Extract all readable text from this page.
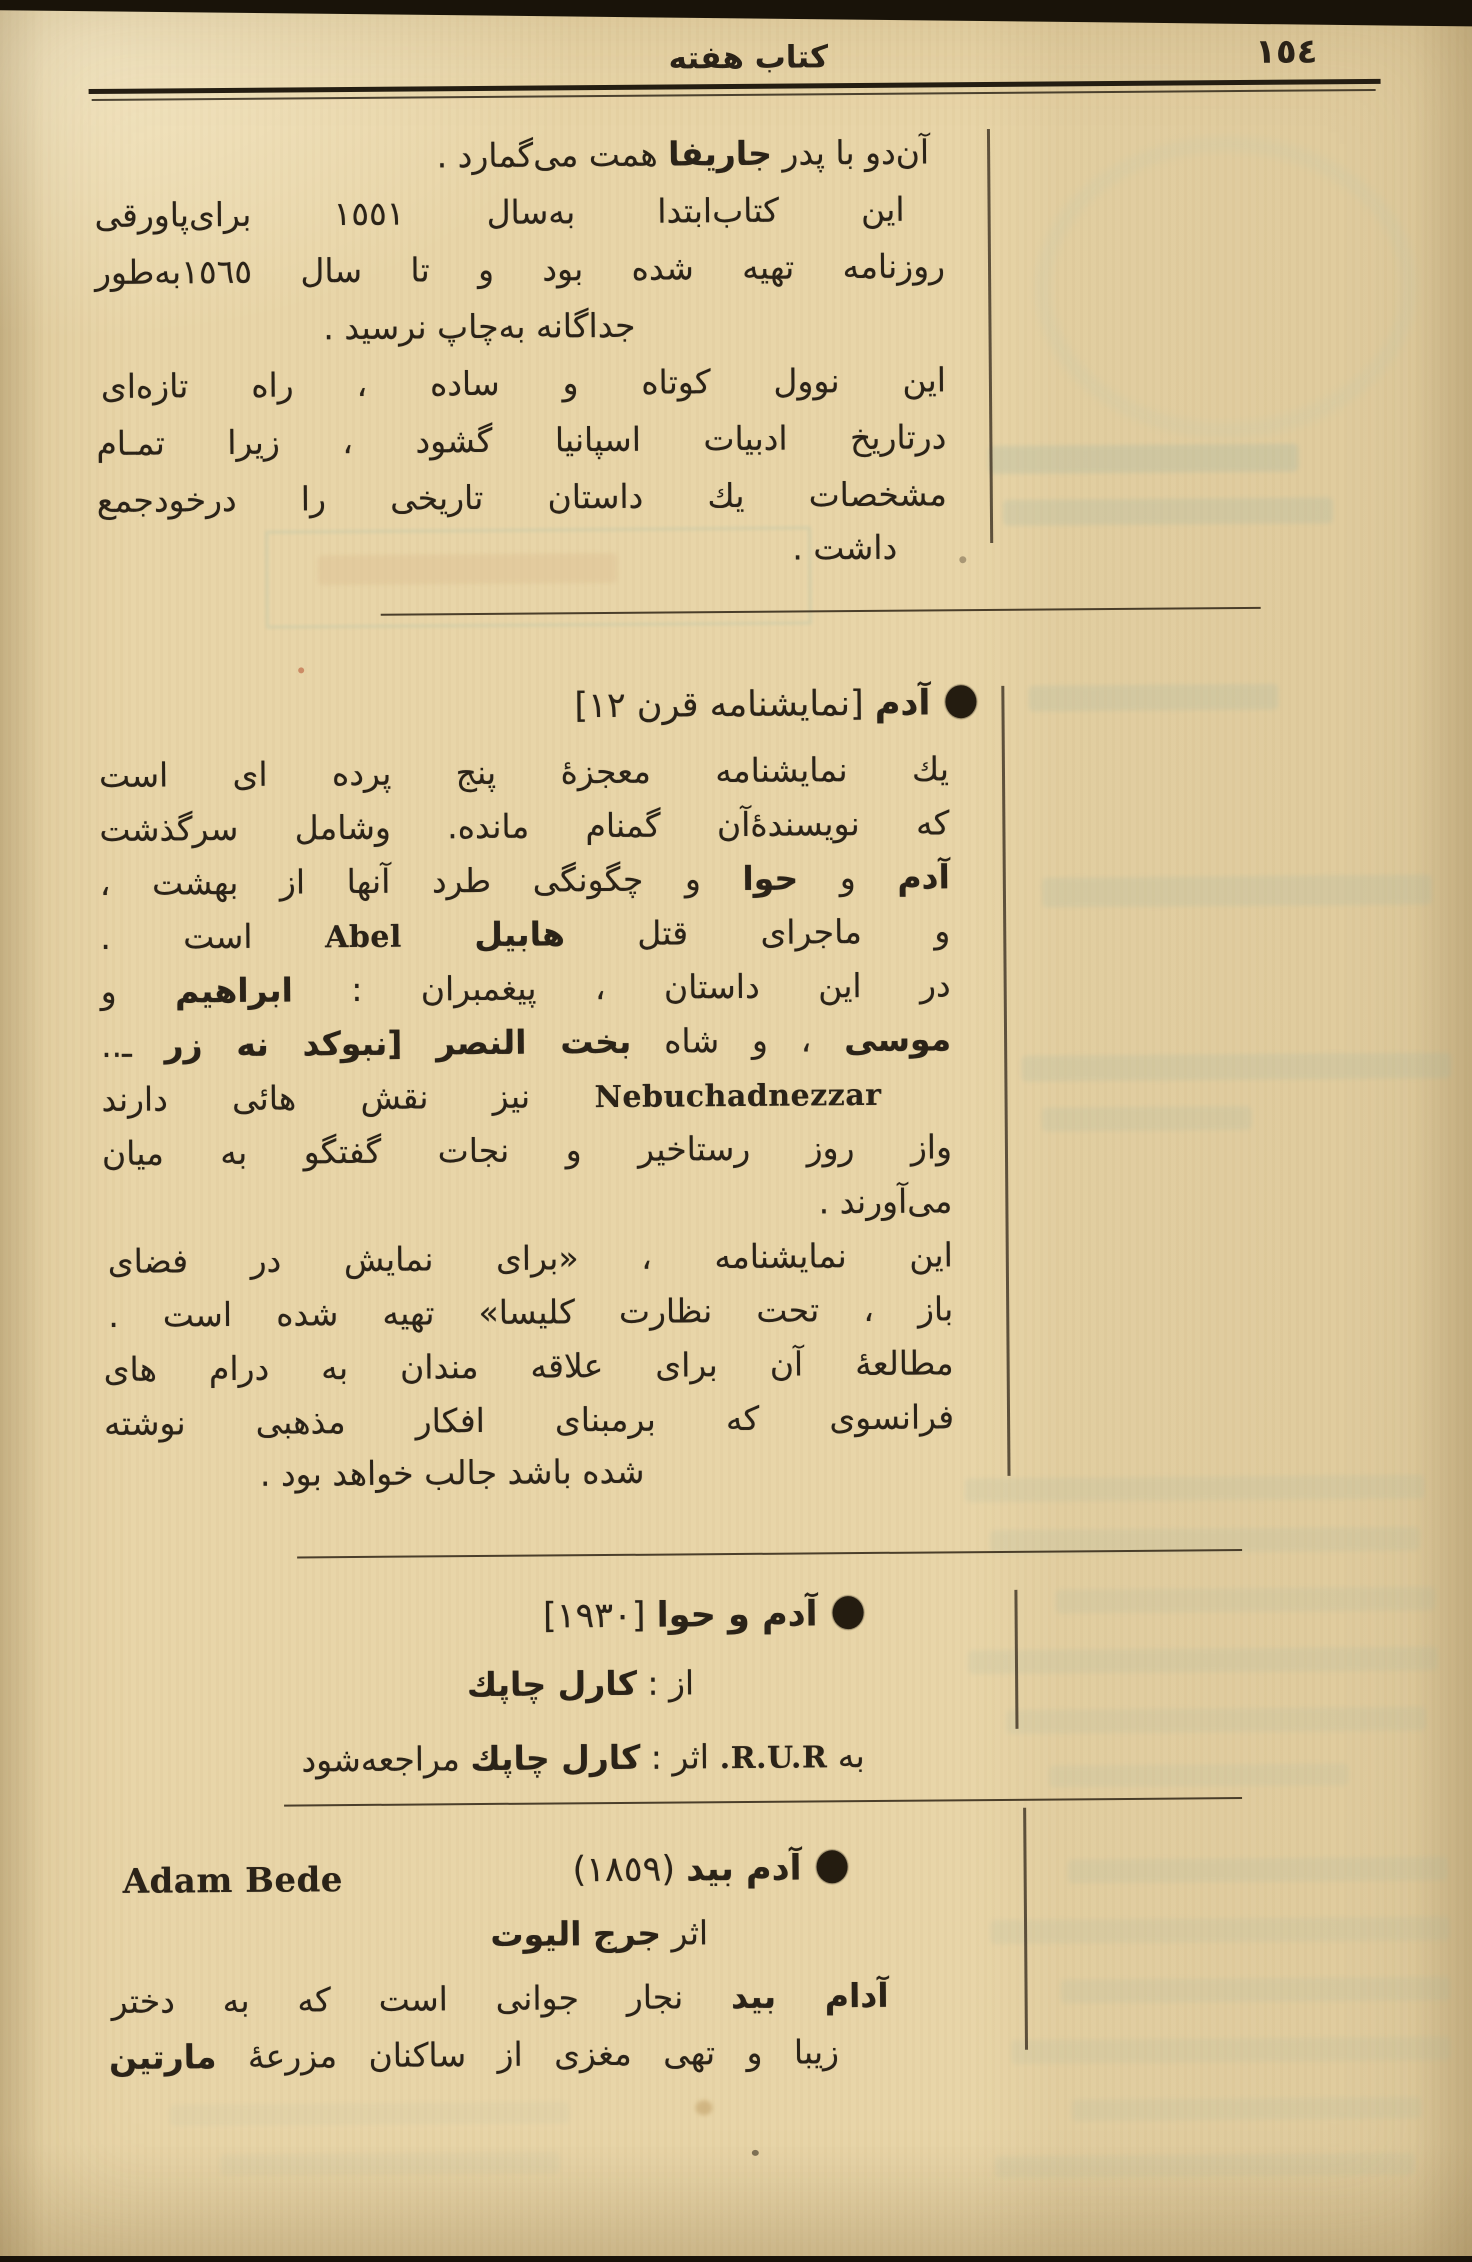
کتاب هفته	١٥٤
آن‌دو با پدر جاریفا همت می‌گمارد .
این کتاب‌ابتدا به‌سال ١٥٥١ برای‌پاورقی
روزنامه تهیه شده بود و تا سال ١٥٦٥به‌طور
جداگانه به‌چاپ نرسید .
این نوول کوتاه و ساده ، راه تازه‌ای
درتاریخ ادبیات اسپانیا گشود ، زیرا تمـام
مشخصات یك داستان تاریخی را درخودجمع
داشت .
آدم [نمایشنامه قرن ١٢]
یك نمایشنامه معجزهٔ پنج پرده ای است
که نویسندهٔ‌آن گمنام مانده. وشامل سرگذشت
آدم و حوا و چگونگی طرد آنها از بهشت ،
و ماجرای قتل هابیل Abel است .
در این داستان ، پیغمبران : ابراهیم و
موسی ، و شاه بخت النصر [نبوکد نه زر ـ..
Nebuchadnezzar نیز نقش هائی دارند
واز روز رستاخیر و نجات گفتگو به میان
می‌آورند .
این نمایشنامه ، «برای نمایش در فضای
باز ، تحت نظارت کلیسا» تهیه شده است .
مطالعهٔ آن برای علاقه مندان به درام های
فرانسوی که برمبنای افکار مذهبی نوشته
شده باشد جالب خواهد بود .
آدم و حوا [١٩٣٠]
از : کارل چاپك
به R.U.R. اثر : کارل چاپك مراجعه‌شود
آدم بید (١٨٥٩)
Adam Bede
اثر جرج الیوت
آدام بید نجار جوانی است که به دختر
زیبا و تهی مغزی از ساکنان مزرعهٔ مارتین
